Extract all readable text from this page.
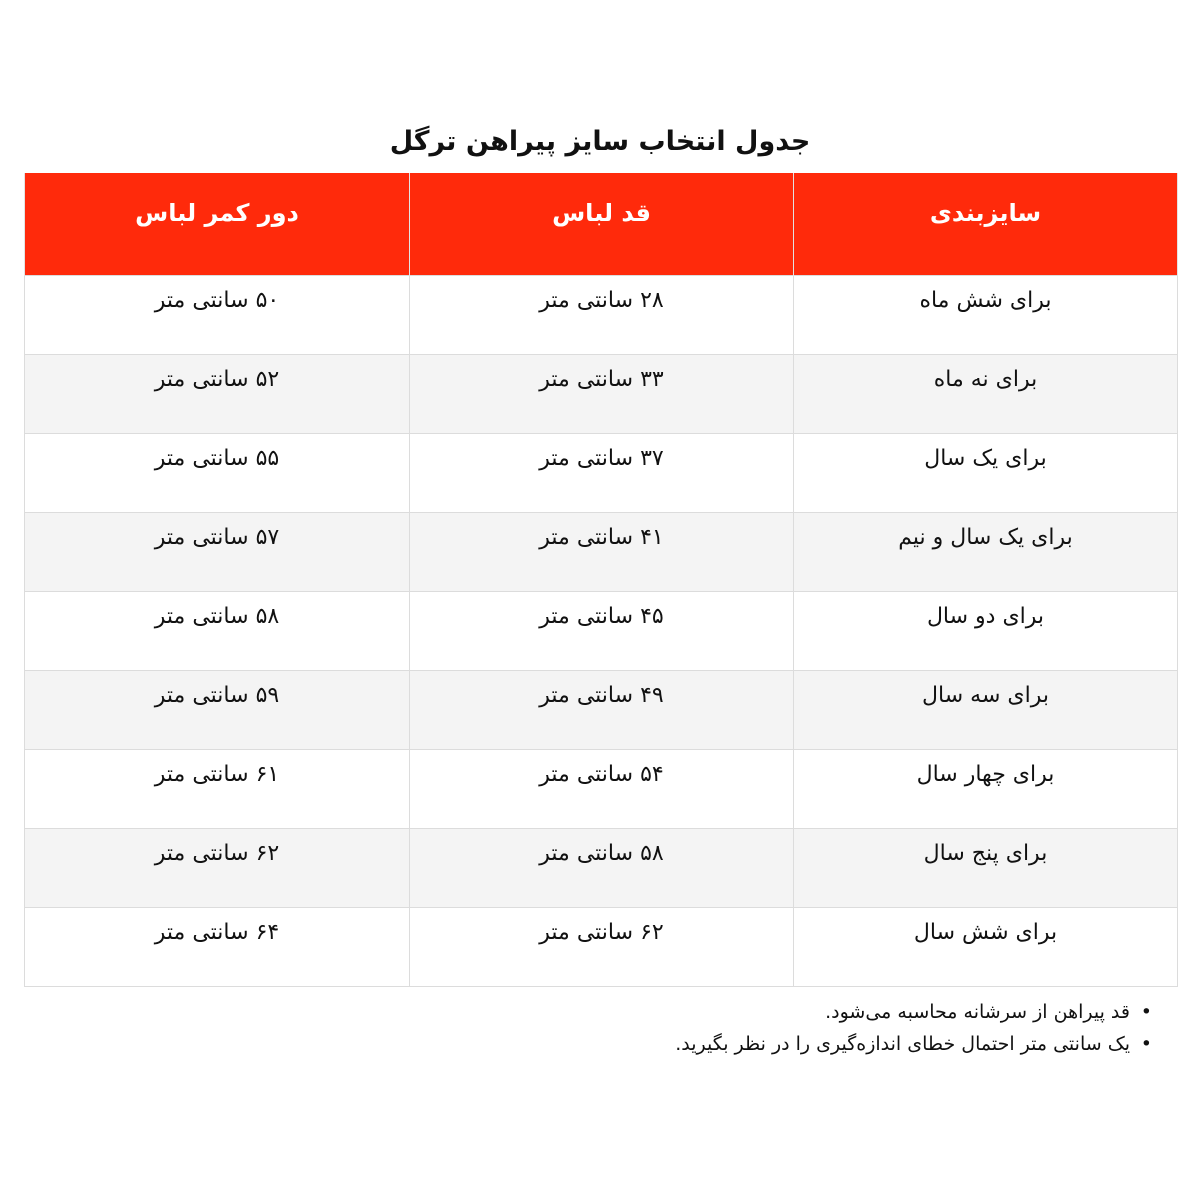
جدول انتخاب سایز پیراهن ترگل
سایزبندی	قد لباس	دور کمر لباس
برای شش ماه	۲۸ سانتی متر	۵۰ سانتی متر
برای نه ماه	۳۳ سانتی متر	۵۲ سانتی متر
برای یک سال	۳۷ سانتی متر	۵۵ سانتی متر
برای یک سال و نیم	۴۱ سانتی متر	۵۷ سانتی متر
برای دو سال	۴۵ سانتی متر	۵۸ سانتی متر
برای سه سال	۴۹ سانتی متر	۵۹ سانتی متر
برای چهار سال	۵۴ سانتی متر	۶۱ سانتی متر
برای پنج سال	۵۸ سانتی متر	۶۲ سانتی متر
برای شش سال	۶۲ سانتی متر	۶۴ سانتی متر
•
قد پیراهن از سرشانه محاسبه می‌شود.
•
یک سانتی متر احتمال خطای اندازه‌گیری را در نظر بگیرید.
